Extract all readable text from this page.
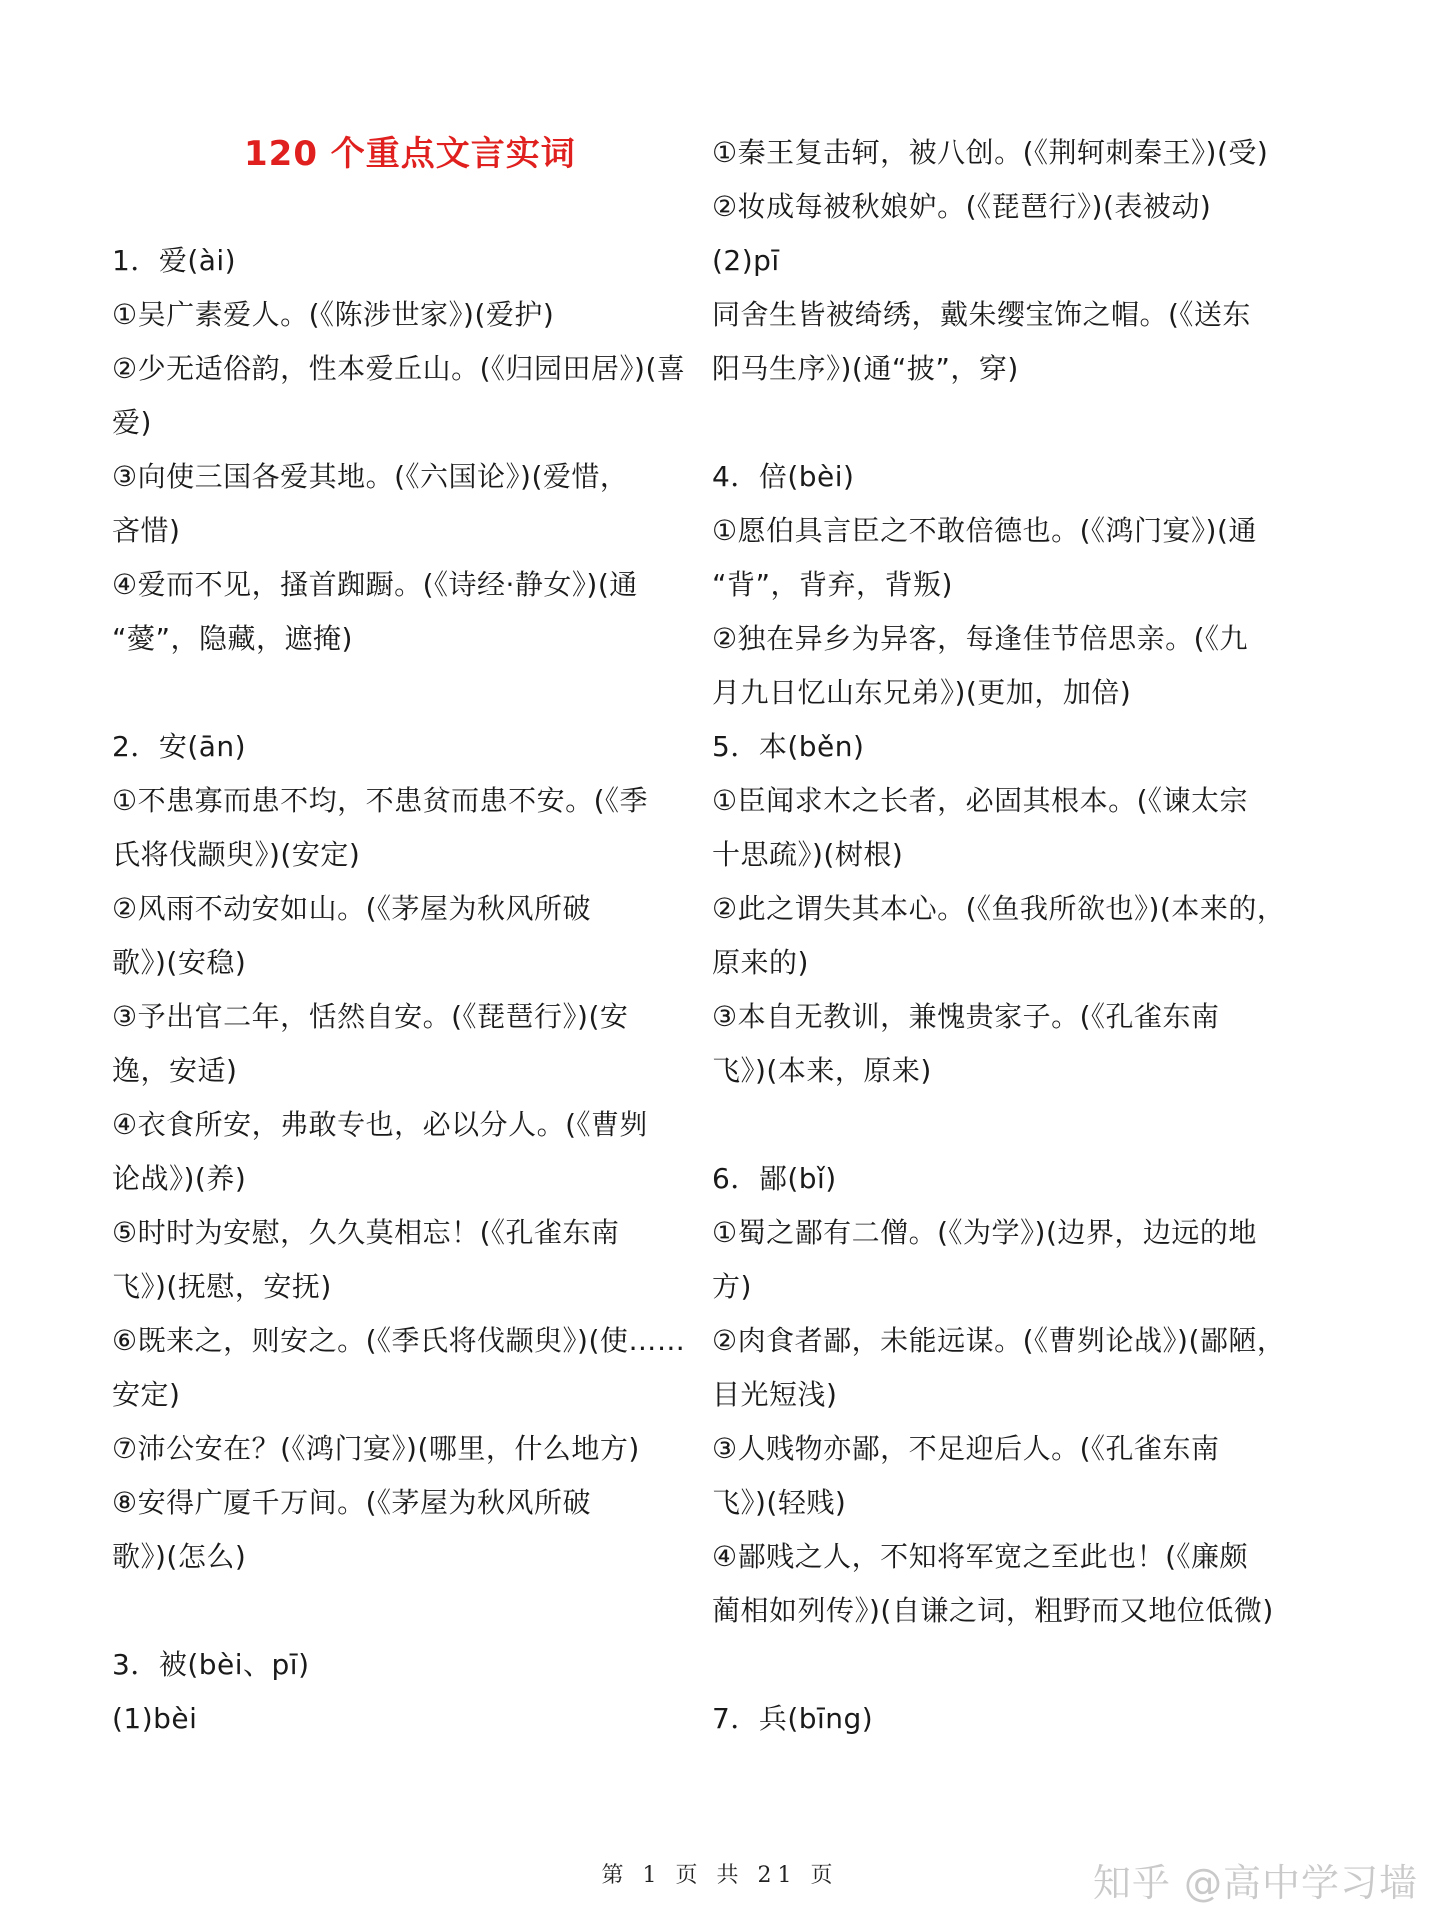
120 个重点文言实词
1．爱(ài)
①吴广素爱人。(《陈涉世家》)(爱护)
②少无适俗韵，性本爱丘山。(《归园田居》)(喜
爱)
③向使三国各爱其地。(《六国论》)(爱惜，
吝惜)
④爱而不见，搔首踟蹰。(《诗经·静女》)(通
“薆”，隐藏，遮掩)
2．安(ān)
①不患寡而患不均，不患贫而患不安。(《季
氏将伐颛臾》)(安定)
②风雨不动安如山。(《茅屋为秋风所破
歌》)(安稳)
③予出官二年，恬然自安。(《琵琶行》)(安
逸，安适)
④衣食所安，弗敢专也，必以分人。(《曹刿
论战》)(养)
⑤时时为安慰，久久莫相忘！(《孔雀东南
飞》)(抚慰，安抚)
⑥既来之，则安之。(《季氏将伐颛臾》)(使……
安定)
⑦沛公安在？(《鸿门宴》)(哪里，什么地方)
⑧安得广厦千万间。(《茅屋为秋风所破
歌》)(怎么)
3．被(bèi、pī)
(1)bèi
①秦王复击轲，被八创。(《荆轲刺秦王》)(受)
②妆成每被秋娘妒。(《琵琶行》)(表被动)
(2)pī
同舍生皆被绮绣，戴朱缨宝饰之帽。(《送东
阳马生序》)(通“披”，穿)
4．倍(bèi)
①愿伯具言臣之不敢倍德也。(《鸿门宴》)(通
“背”，背弃，背叛)
②独在异乡为异客，每逢佳节倍思亲。(《九
月九日忆山东兄弟》)(更加，加倍)
5．本(běn)
①臣闻求木之长者，必固其根本。(《谏太宗
十思疏》)(树根)
②此之谓失其本心。(《鱼我所欲也》)(本来的，
原来的)
③本自无教训，兼愧贵家子。(《孔雀东南
飞》)(本来，原来)
6．鄙(bǐ)
①蜀之鄙有二僧。(《为学》)(边界，边远的地
方)
②肉食者鄙，未能远谋。(《曹刿论战》)(鄙陋，
目光短浅)
③人贱物亦鄙，不足迎后人。(《孔雀东南
飞》)(轻贱)
④鄙贱之人，不知将军宽之至此也！(《廉颇
蔺相如列传》)(自谦之词，粗野而又地位低微)
7．兵(bīng)
第 1 页 共 21 页	知乎 @高中学习墙
